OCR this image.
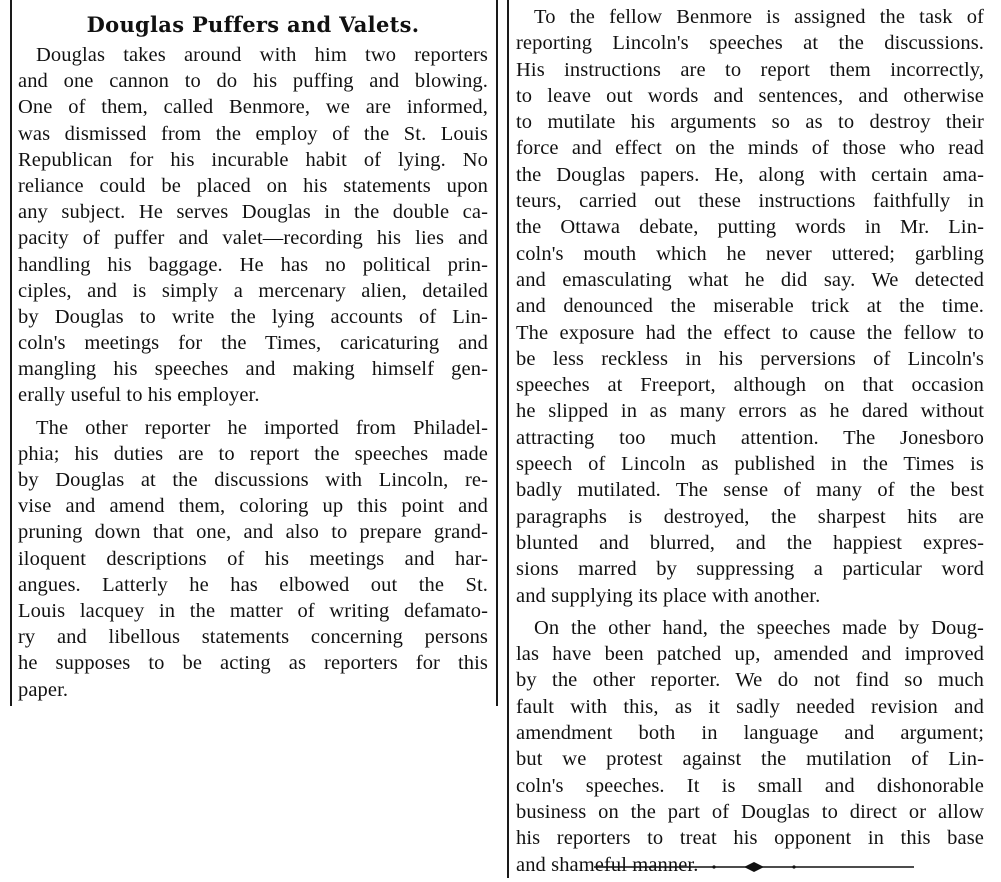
Douglas Puffers and Valets.
Douglas takes around with him two reporters
and one cannon to do his puffing and blowing.
One of them, called Benmore, we are informed,
was dismissed from the employ of the St. Louis
Republican for his incurable habit of lying. No
reliance could be placed on his statements upon
any subject. He serves Douglas in the double ca-
pacity of puffer and valet—recording his lies and
handling his baggage. He has no political prin-
ciples, and is simply a mercenary alien, detailed
by Douglas to write the lying accounts of Lin-
coln's meetings for the Times, caricaturing and
mangling his speeches and making himself gen-
erally useful to his employer.
The other reporter he imported from Philadel-
phia; his duties are to report the speeches made
by Douglas at the discussions with Lincoln, re-
vise and amend them, coloring up this point and
pruning down that one, and also to prepare grand-
iloquent descriptions of his meetings and har-
angues. Latterly he has elbowed out the St.
Louis lacquey in the matter of writing defamato-
ry and libellous statements concerning persons
he supposes to be acting as reporters for this
paper.
To the fellow Benmore is assigned the task of
reporting Lincoln's speeches at the discussions.
His instructions are to report them incorrectly,
to leave out words and sentences, and otherwise
to mutilate his arguments so as to destroy their
force and effect on the minds of those who read
the Douglas papers. He, along with certain ama-
teurs, carried out these instructions faithfully in
the Ottawa debate, putting words in Mr. Lin-
coln's mouth which he never uttered; garbling
and emasculating what he did say. We detected
and denounced the miserable trick at the time.
The exposure had the effect to cause the fellow to
be less reckless in his perversions of Lincoln's
speeches at Freeport, although on that occasion
he slipped in as many errors as he dared without
attracting too much attention. The Jonesboro
speech of Lincoln as published in the Times is
badly mutilated. The sense of many of the best
paragraphs is destroyed, the sharpest hits are
blunted and blurred, and the happiest expres-
sions marred by suppressing a particular word
and supplying its place with another.
On the other hand, the speeches made by Doug-
las have been patched up, amended and improved
by the other reporter. We do not find so much
fault with this, as it sadly needed revision and
amendment both in language and argument;
but we protest against the mutilation of Lin-
coln's speeches. It is small and dishonorable
business on the part of Douglas to direct or allow
his reporters to treat his opponent in this base
and shameful manner.
